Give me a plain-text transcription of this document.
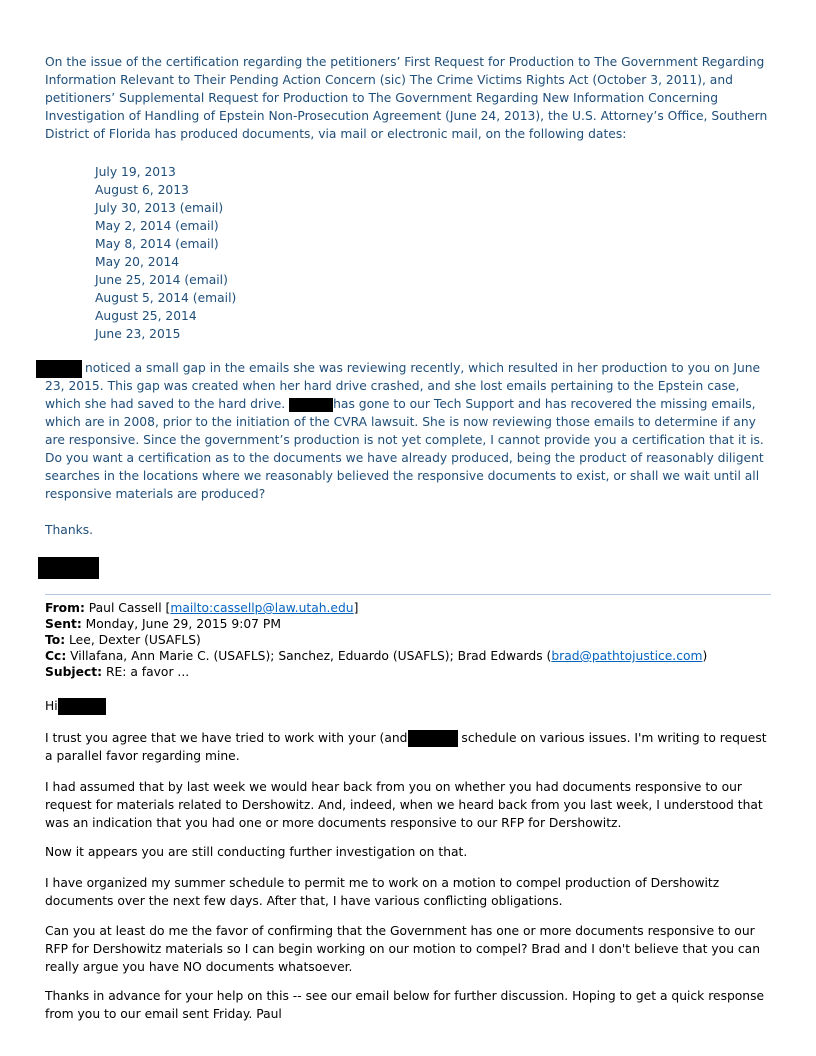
On the issue of the certification regarding the petitioners’ First Request for Production to The Government Regarding Information Relevant to Their Pending Action Concern (sic) The Crime Victims Rights Act (October 3, 2011), and petitioners’ Supplemental Request for Production to The Government Regarding New Information Concerning Investigation of Handling of Epstein Non-Prosecution Agreement (June 24, 2013), the U.S. Attorney’s Office, Southern District of Florida has produced documents, via mail or electronic mail, on the following dates:

July 19, 2013
August 6, 2013
July 30, 2013 (email)
May 2, 2014 (email)
May 8, 2014 (email)
May 20, 2014
June 25, 2014 (email)
August 5, 2014 (email)
August 25, 2014
June 23, 2015

noticed a small gap in the emails she was reviewing recently, which resulted in her production to you on June 23, 2015. This gap was created when her hard drive crashed, and she lost emails pertaining to the Epstein case, which she had saved to the hard drive.	has gone to our Tech Support and has recovered the missing emails, which are in 2008, prior to the initiation of the CVRA lawsuit. She is now reviewing those emails to determine if any are responsive. Since the government’s production is not yet complete, I cannot provide you a certification that it is. Do you want a certification as to the documents we have already produced, being the product of reasonably diligent searches in the locations where we reasonably believed the responsive documents to exist, or shall we wait until all responsive materials are produced?

Thanks.

From: Paul Cassell [mailto:cassellp@law.utah.edu]
Sent: Monday, June 29, 2015 9:07 PM
To: Lee, Dexter (USAFLS)
Cc: Villafana, Ann Marie C. (USAFLS); Sanchez, Eduardo (USAFLS); Brad Edwards (brad@pathtojustice.com)
Subject: RE: a favor ...

Hi

I trust you agree that we have tried to work with your (and	schedule on various issues. I'm writing to request a parallel favor regarding mine.

I had assumed that by last week we would hear back from you on whether you had documents responsive to our request for materials related to Dershowitz. And, indeed, when we heard back from you last week, I understood that was an indication that you had one or more documents responsive to our RFP for Dershowitz.

Now it appears you are still conducting further investigation on that.

I have organized my summer schedule to permit me to work on a motion to compel production of Dershowitz documents over the next few days. After that, I have various conflicting obligations.

Can you at least do me the favor of confirming that the Government has one or more documents responsive to our RFP for Dershowitz materials so I can begin working on our motion to compel? Brad and I don't believe that you can really argue you have NO documents whatsoever.

Thanks in advance for your help on this -- see our email below for further discussion. Hoping to get a quick response from you to our email sent Friday. Paul
